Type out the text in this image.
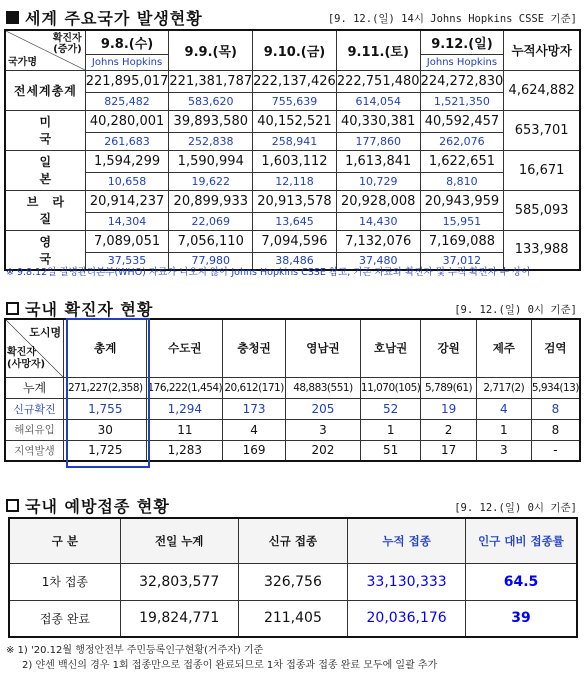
세계 주요국가 발생현황	[9. 12.(일) 14시 Johns Hopkins CSSE 기준]
확진자
(증가)
국가명	9.8.(수)	9.9.(목)	9.10.(금)	9.11.(토)	9.12.(일)	누적사망자
	Johns Hopkins				Johns Hopkins	
전세계총계	221,895,017	221,381,787	222,137,426	222,751,480	224,272,830	4,624,882
	825,482	583,620	755,639	614,054	1,521,350	
미국	40,280,001	39,893,580	40,152,521	40,330,381	40,592,457	653,701
	261,683	252,838	258,941	177,860	262,076	
일본	1,594,299	1,590,994	1,603,112	1,613,841	1,622,651	16,671
	10,658	19,622	12,118	10,729	8,810	
브라질	20,914,237	20,899,933	20,913,578	20,928,008	20,943,959	585,093
	14,304	22,069	13,645	14,430	15,951	
영국	7,089,051	7,056,110	7,094,596	7,132,076	7,169,088	133,988
	37,535	77,980	38,486	37,480	37,012	
※ 9.8.12일 질병관리본부(WHO) 자료가 나오지 않아 Johns Hopkins CSSE 참고, 기존 자료와 확진자 및 누적 확진자 수 상이
국내 확진자 현황	[9. 12.(일) 0시 기준]
도시명
확진자
(사망자)	총계	수도권	충청권	영남권	호남권	강원	제주	검역
누계	271,227(2,358)	176,222(1,454)	20,612(171)	48,883(551)	11,070(105)	5,789(61)	2,717(2)	5,934(13)
신규확진	1,755	1,294	173	205	52	19	4	8
해외유입	30	11	4	3	1	2	1	8
지역발생	1,725	1,283	169	202	51	17	3	-
국내 예방접종 현황	[9. 12.(일) 0시 기준]
구 분	전일 누계	신규 접종	누적 접종	인구 대비 접종률
1차 접종	32,803,577	326,756	33,130,333	64.5
접종 완료	19,824,771	211,405	20,036,176	39
※ 1) '20.12월 행정안전부 주민등록인구현황(거주자) 기준
2) 얀센 백신의 경우 1회 접종만으로 접종이 완료되므로 1차 접종과 접종 완료 모두에 일괄 추가
